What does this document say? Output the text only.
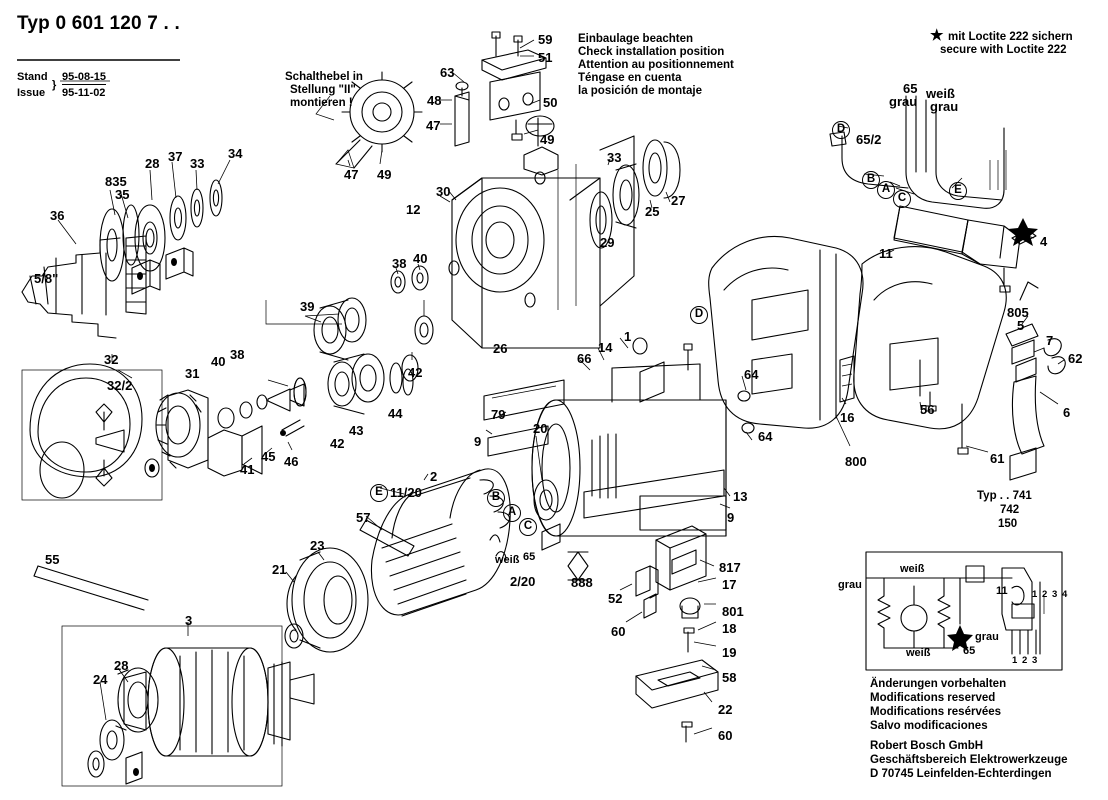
Typ 0 601 120 7 . .
Stand
Issue
}
95-08-15
95-11-02
Einbaulage beachten
Check installation position
Attention au positionnement
Téngase en cuenta
la posición de montaje
★ mit Loctite 222 sichern
secure with Loctite 222
Schalthebel in
Stellung "II"
montieren !
Typ . . 741
742
150
grau
weiß
weiß
grau
65
11	1 2 3 4
1 2 3
Änderungen vorbehalten
Modifications reserved
Modifications resérvées
Salvo modificaciones
Robert Bosch GmbH
Geschäftsbereich Elektrowerkzeuge
D 70745 Leinfelden-Echterdingen
5/8"
36
835
35
28 37 33
34
32
32/2
31
40 38
39
41
45 46
42
43
44
42
38 40
12
30
26
59
51
63
48
47
50
49
47 49
33
27
25
29
1
14
66
64
64
79
9
20
13
9
2
11/20
57
23
21
55
3
28
24
2/20	888
52
60
817
17
801
18
19
58
22
60
65
grau
weiß
grau
65/2
11
4
805
5
7
62
6
61
800
16
56
D
B
A
C
E
D
E	B
A
C
weiß 65
